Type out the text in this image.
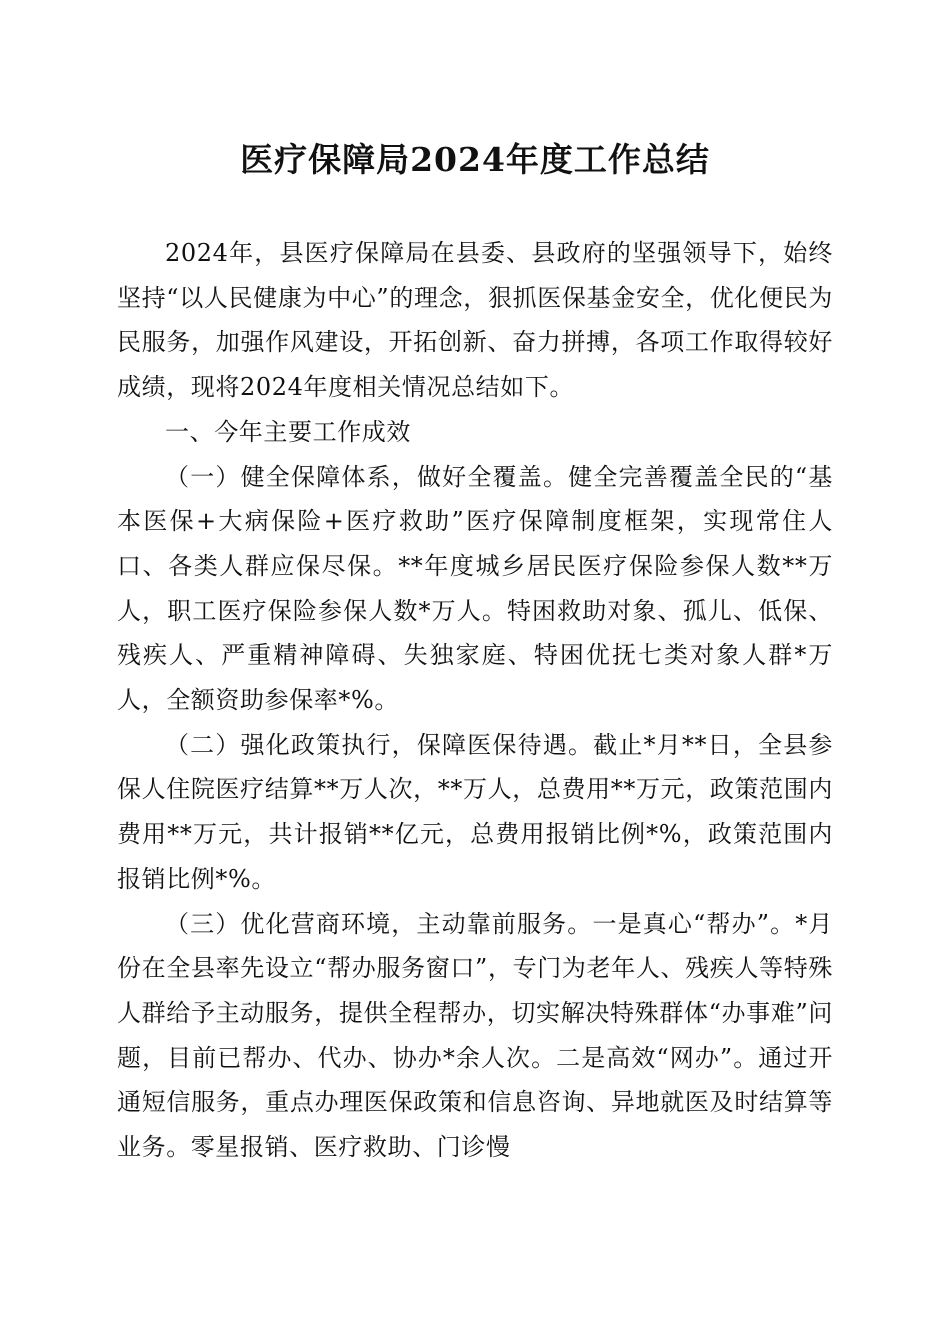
医疗保障局2024年度工作总结

2024年，县医疗保障局在县委、县政府的坚强领导下，始终坚持“以人民健康为中心”的理念，狠抓医保基金安全，优化便民为民服务，加强作风建设，开拓创新、奋力拼搏，各项工作取得较好成绩，现将2024年度相关情况总结如下。

一、今年主要工作成效

（一）健全保障体系，做好全覆盖。健全完善覆盖全民的“基本医保+大病保险+医疗救助”医疗保障制度框架，实现常住人口、各类人群应保尽保。**年度城乡居民医疗保险参保人数**万人，职工医疗保险参保人数*万人。特困救助对象、孤儿、低保、残疾人、严重精神障碍、失独家庭、特困优抚七类对象人群*万人，全额资助参保率*%。

（二）强化政策执行，保障医保待遇。截止*月**日，全县参保人住院医疗结算**万人次，**万人，总费用**万元，政策范围内费用**万元，共计报销**亿元，总费用报销比例*%，政策范围内报销比例*%。

（三）优化营商环境，主动靠前服务。一是真心“帮办”。*月份在全县率先设立“帮办服务窗口”，专门为老年人、残疾人等特殊人群给予主动服务，提供全程帮办，切实解决特殊群体“办事难”问题，目前已帮办、代办、协办*余人次。二是高效“网办”。通过开通短信服务，重点办理医保政策和信息咨询、异地就医及时结算等业务。零星报销、医疗救助、门诊慢
